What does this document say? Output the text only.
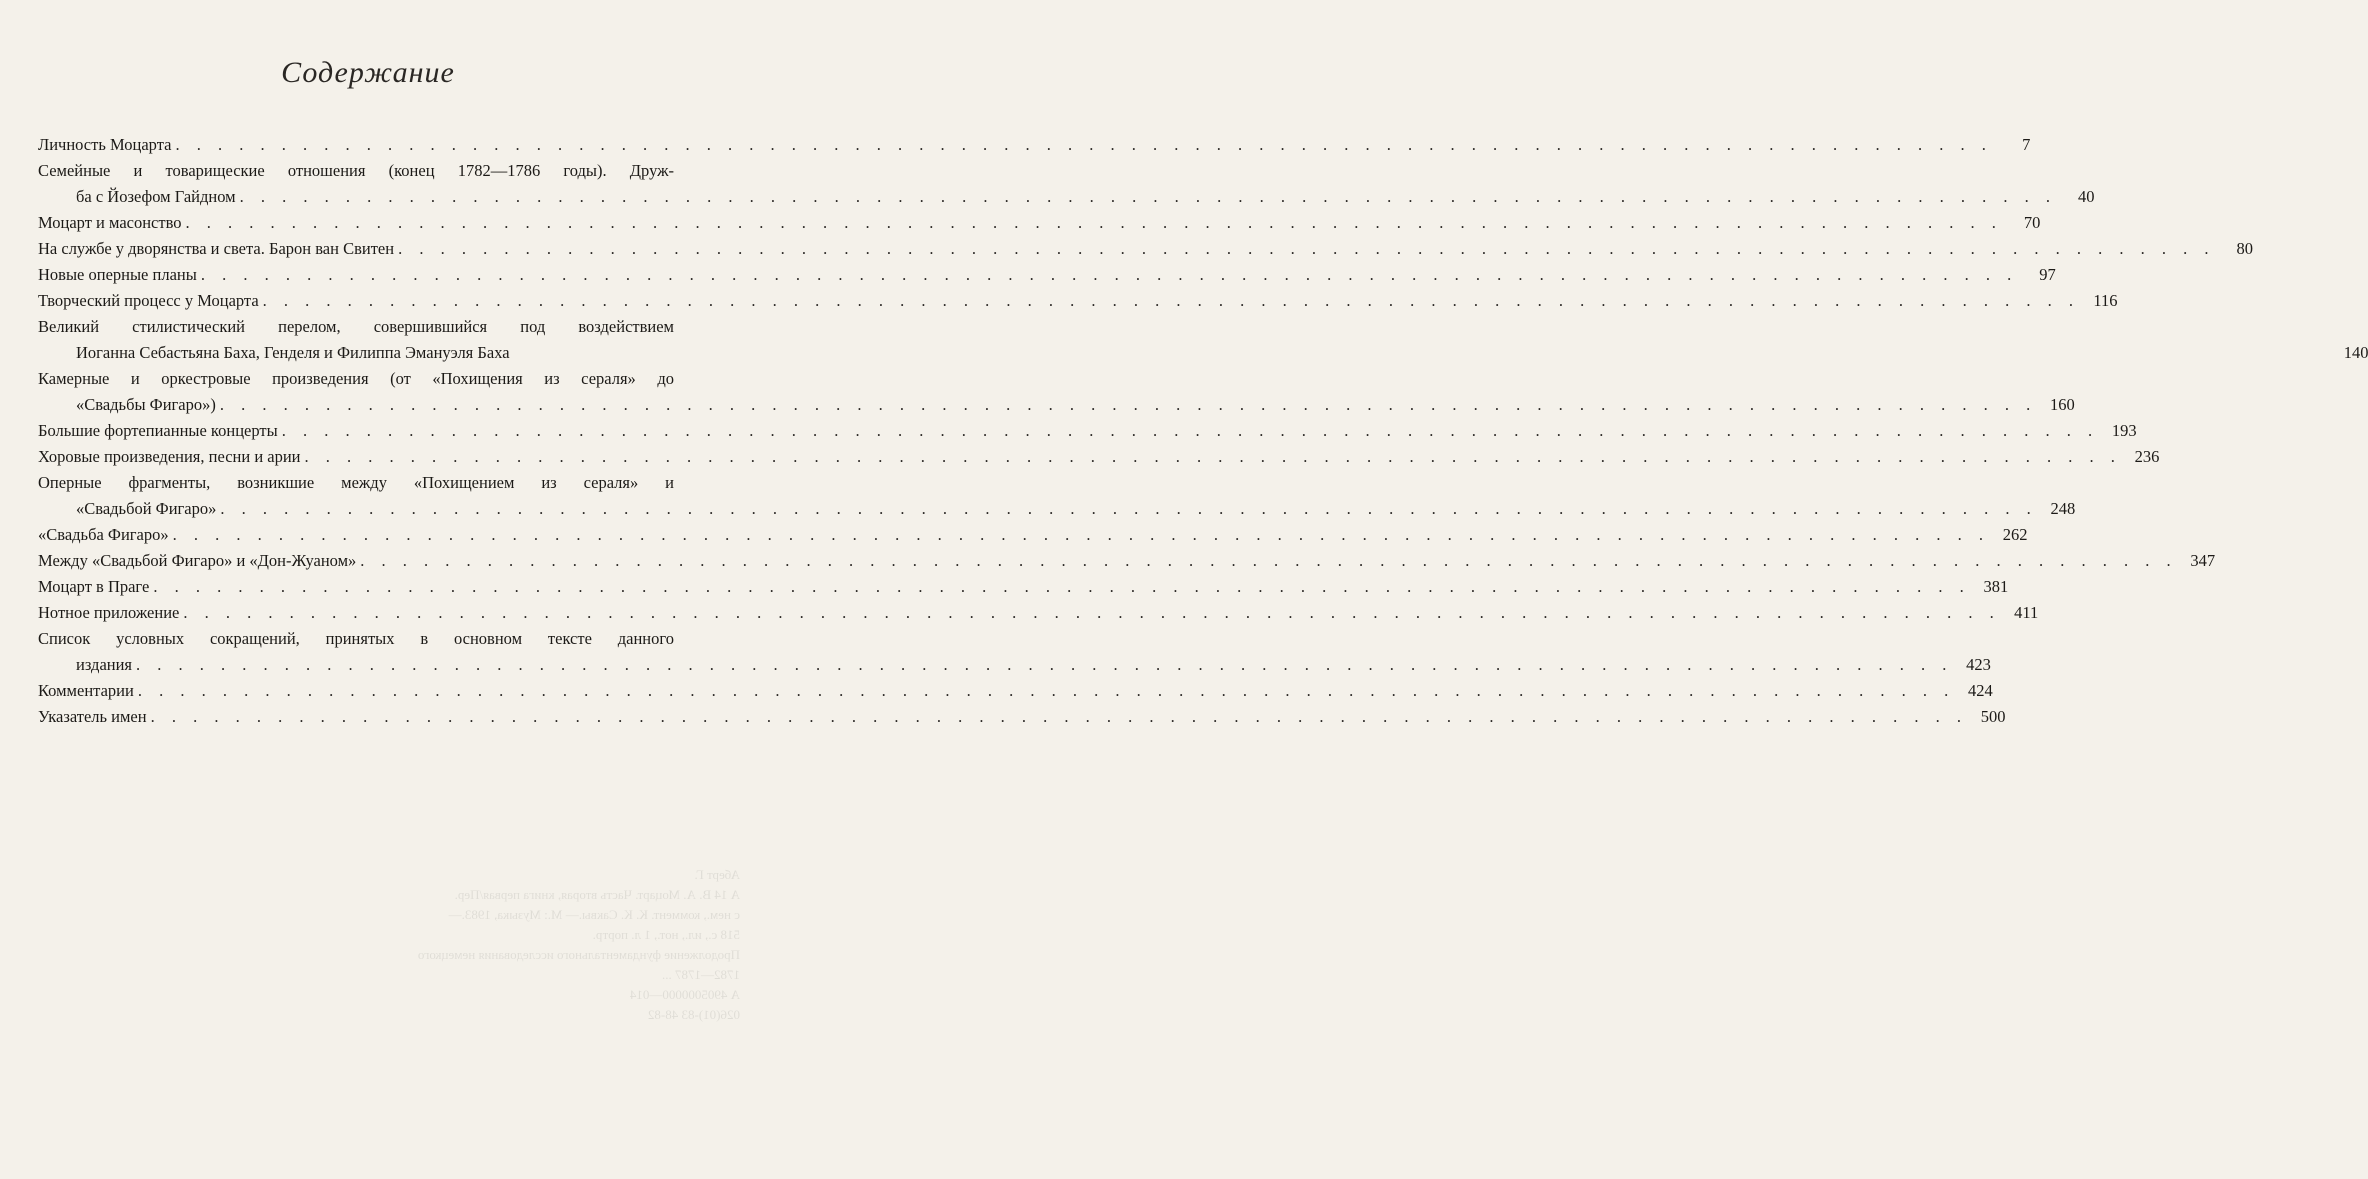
Содержание
Личность Моцарта . . .	7
Семейные и товарищеские отношения (конец 1782—1786 годы). Друж-
ба с Йозефом Гайдном . . .	40
Моцарт и масонство . . .	70
На службе у дворянства и света. Барон ван Свитен . . .	80
Новые оперные планы . . .	97
Творческий процесс у Моцарта . . .	116
Великий стилистический перелом, совершившийся под воздействием
Иоганна Себастьяна Баха, Генделя и Филиппа Эмануэля Баха	140
Камерные и оркестровые произведения (от «Похищения из сераля» до
«Свадьбы Фигаро») . . .	160
Большие фортепианные концерты . . .	193
Хоровые произведения, песни и арии . . .	236
Оперные фрагменты, возникшие между «Похищением из сераля» и
«Свадьбой Фигаро» . . .	248
«Свадьба Фигаро» . . .	262
Между «Свадьбой Фигаро» и «Дон-Жуаном» . . .	347
Моцарт в Праге . . .	381
Нотное приложение . . .	411
Список условных сокращений, принятых в основном тексте данного
издания . . .	423
Комментарии . . .	424
Указатель имен . . .	500
Аберт Г.
А 14 В. А. Моцарт. Часть вторая, книга первая/Пер.
с нем., коммент. К. К. Саквы.— М.: Музыка, 1983.—
518 с., ил., нот., 1 л. портр.
Продолжение фундаментального исследования немецкого
1782—1787 ...
А 4905000000—014
026(01)-83 48-82
